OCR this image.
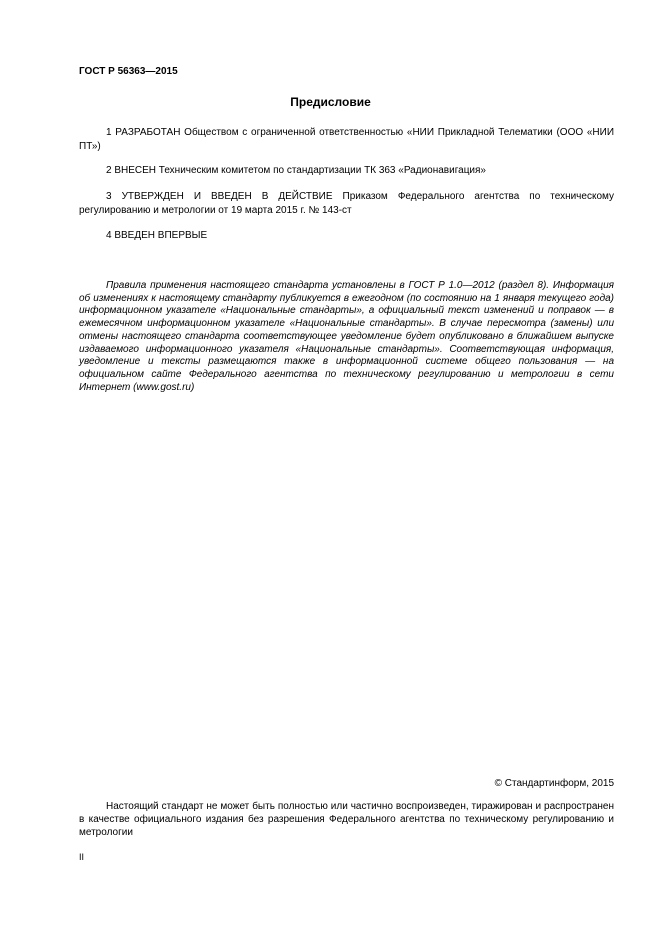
ГОСТ Р 56363—2015
Предисловие
1 РАЗРАБОТАН Обществом с ограниченной ответственностью «НИИ Прикладной Телематики (ООО «НИИ ПТ»)
2 ВНЕСЕН Техническим комитетом по стандартизации ТК 363 «Радионавигация»
3 УТВЕРЖДЕН И ВВЕДЕН В ДЕЙСТВИЕ Приказом Федерального агентства по техническому регулированию и метрологии от 19 марта 2015 г. № 143-ст
4 ВВЕДЕН ВПЕРВЫЕ
Правила применения настоящего стандарта установлены в ГОСТ Р 1.0—2012 (раздел 8). Информация об изменениях к настоящему стандарту публикуется в ежегодном (по состоянию на 1 января текущего года) информационном указателе «Национальные стандарты», а официальный текст изменений и поправок — в ежемесячном информационном указателе «Национальные стандарты». В случае пересмотра (замены) или отмены настоящего стандарта соответствующее уведомление будет опубликовано в ближайшем выпуске издаваемого информационного указателя «Национальные стандарты». Соответствующая информация, уведомление и тексты размещаются также в информационной системе общего пользования — на официальном сайте Федерального агентства по техническому регулированию и метрологии в сети Интернет (www.gost.ru)
© Стандартинформ, 2015
Настоящий стандарт не может быть полностью или частично воспроизведен, тиражирован и распространен в качестве официального издания без разрешения Федерального агентства по техническому регулированию и метрологии
II
